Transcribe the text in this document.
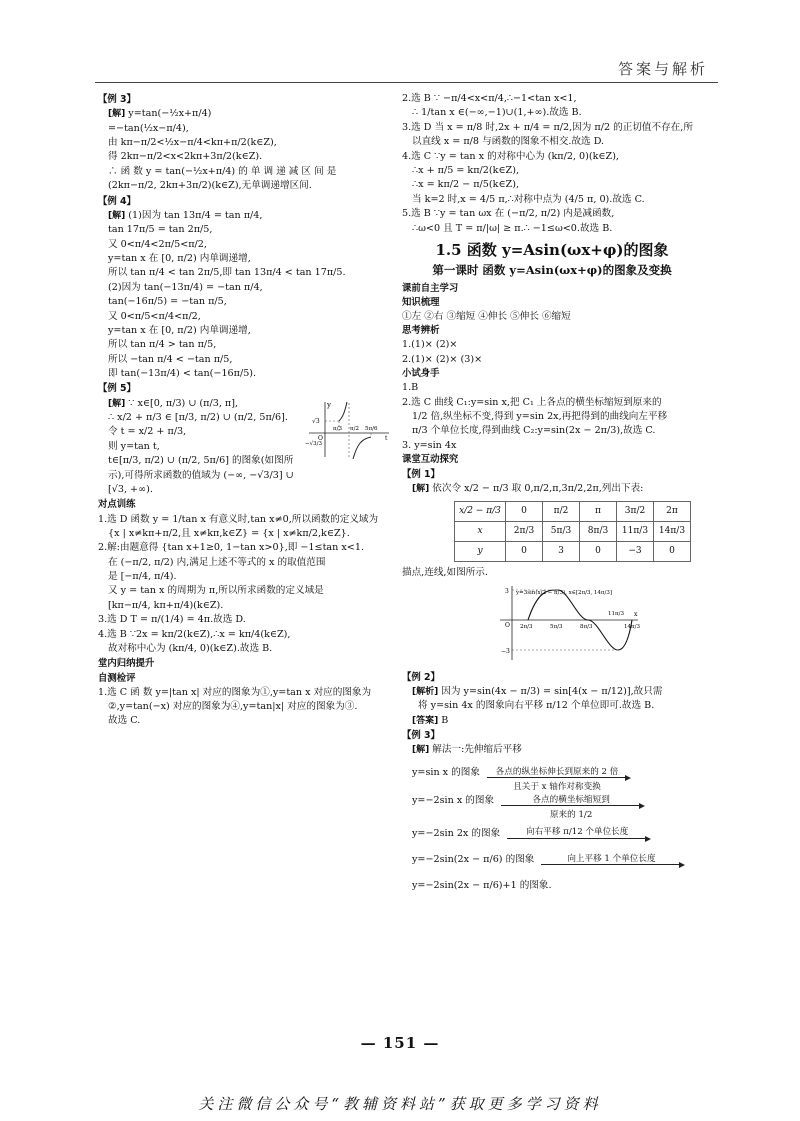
答案与解析
【例 3】
[解] y=tan(−½x+π/4)
=−tan(½x−π/4),
由 kπ−π/2<½x−π/4<kπ+π/2(k∈Z),
得 2kπ−π/2<x<2kπ+3π/2(k∈Z).
∴ 函 数 y = tan(−½x+π/4) 的 单 调 递 减 区 间 是
(2kπ−π/2, 2kπ+3π/2)(k∈Z),无单调递增区间.
【例 4】
[解] (1)因为 tan 13π/4 = tan π/4,
tan 17π/5 = tan 2π/5,
又 0<π/4<2π/5<π/2,
y=tan x 在 [0, π/2) 内单调递增,
所以 tan π/4 < tan 2π/5,即 tan 13π/4 < tan 17π/5.
(2)因为 tan(−13π/4) = −tan π/4,
tan(−16π/5) = −tan π/5,
又 0<π/5<π/4<π/2,
y=tan x 在 [0, π/2) 内单调递增,
所以 tan π/4 > tan π/5,
所以 −tan π/4 < −tan π/5,
即 tan(−13π/4) < tan(−16π/5).
【例 5】
y
√3
O
π/3 π/2 5π/6
t
−√3/3
[解] ∵ x∈[0, π/3) ∪ (π/3, π],
∴ x/2 + π/3 ∈ [π/3, π/2) ∪ (π/2, 5π/6].
令 t = x/2 + π/3,
则 y=tan t,
t∈[π/3, π/2) ∪ (π/2, 5π/6] 的图象(如图所
示),可得所求函数的值域为 (−∞, −√3/3] ∪
[√3, +∞).
对点训练
1.选 D 函数 y = 1/tan x 有意义时,tan x≠0,所以函数的定义域为
{x | x≠kπ+π/2,且 x≠kπ,k∈Z} = {x | x≠kπ/2,k∈Z}.
2.解:由题意得 {tan x+1≥0, 1−tan x>0},即 −1≤tan x<1.
在 (−π/2, π/2) 内,满足上述不等式的 x 的取值范围
是 [−π/4, π/4).
又 y = tan x 的周期为 π,所以所求函数的定义域是
[kπ−π/4, kπ+π/4)(k∈Z).
3.选 D T = π/(1/4) = 4π.故选 D.
4.选 B ∵2x = kπ/2(k∈Z),∴x = kπ/4(k∈Z),
故对称中心为 (kπ/4, 0)(k∈Z).故选 B.
堂内归纳提升
自测检评
1.选 C 函 数 y=|tan x| 对应的图象为①,y=tan x 对应的图象为
②,y=tan(−x) 对应的图象为④,y=tan|x| 对应的图象为③.
故选 C.
2.选 B ∵ −π/4<x<π/4,∴−1<tan x<1,
∴ 1/tan x ∈(−∞,−1)∪(1,+∞).故选 B.
3.选 D 当 x = π/8 时,2x + π/4 = π/2,因为 π/2 的正切值不存在,所
以直线 x = π/8 与函数的图象不相交.故选 D.
4.选 C ∵y = tan x 的对称中心为 (kπ/2, 0)(k∈Z),
∴x + π/5 = kπ/2(k∈Z),
∴x = kπ/2 − π/5(k∈Z),
当 k=2 时,x = 4/5 π,∴对称中点为 (4/5 π, 0).故选 C.
5.选 B ∵y = tan ωx 在 (−π/2, π/2) 内是减函数,
∴ω<0 且 T = π/|ω| ≥ π.∴ −1≤ω<0.故选 B.
1.5 函数 y=Asin(ωx+φ)的图象
第一课时 函数 y=Asin(ωx+φ)的图象及变换
课前自主学习
知识梳理
①左 ②右 ③缩短 ④伸长 ⑤伸长 ⑥缩短
思考辨析
1.(1)× (2)×
2.(1)× (2)× (3)×
小试身手
1.B
2.选 C 曲线 C₁:y=sin x,把 C₁ 上各点的横坐标缩短到原来的
1/2 倍,纵坐标不变,得到 y=sin 2x,再把得到的曲线向左平移
π/3 个单位长度,得到曲线 C₂:y=sin(2x − 2π/3),故选 C.
3. y=sin 4x
课堂互动探究
【例 1】
[解] 依次令 x/2 − π/3 取 0,π/2,π,3π/2,2π,列出下表:
x/2 − π/3	0	π/2	π	3π/2	2π
x	2π/3	5π/3	8π/3	11π/3	14π/3
y	0	3	0	−3	0
描点,连线,如图所示.
y=3sin(x/2 − π/3), x∈[2π/3, 14π/3]
O 2π/3	5π/3	8π/3
11π/3
14π/3
x
3
−3
【例 2】
[解析] 因为 y=sin(4x − π/3) = sin[4(x − π/12)],故只需
将 y=sin 4x 的图象向右平移 π/12 个单位即可.故选 B.
[答案] B
【例 3】
[解] 解法一:先伸缩后平移
y=sin x 的图象 各点的纵坐标伸长到原来的 2 倍
且关于 x 轴作对称变换
y=−2sin x 的图象	各点的横坐标缩短到
原来的 1/2
y=−2sin 2x 的图象	向右平移 π/12 个单位长度
y=−2sin(2x − π/6) 的图象	向上平移 1 个单位长度
y=−2sin(2x − π/6)+1 的图象.
— 151 —
关注微信公众号“教辅资料站”获取更多学习资料
